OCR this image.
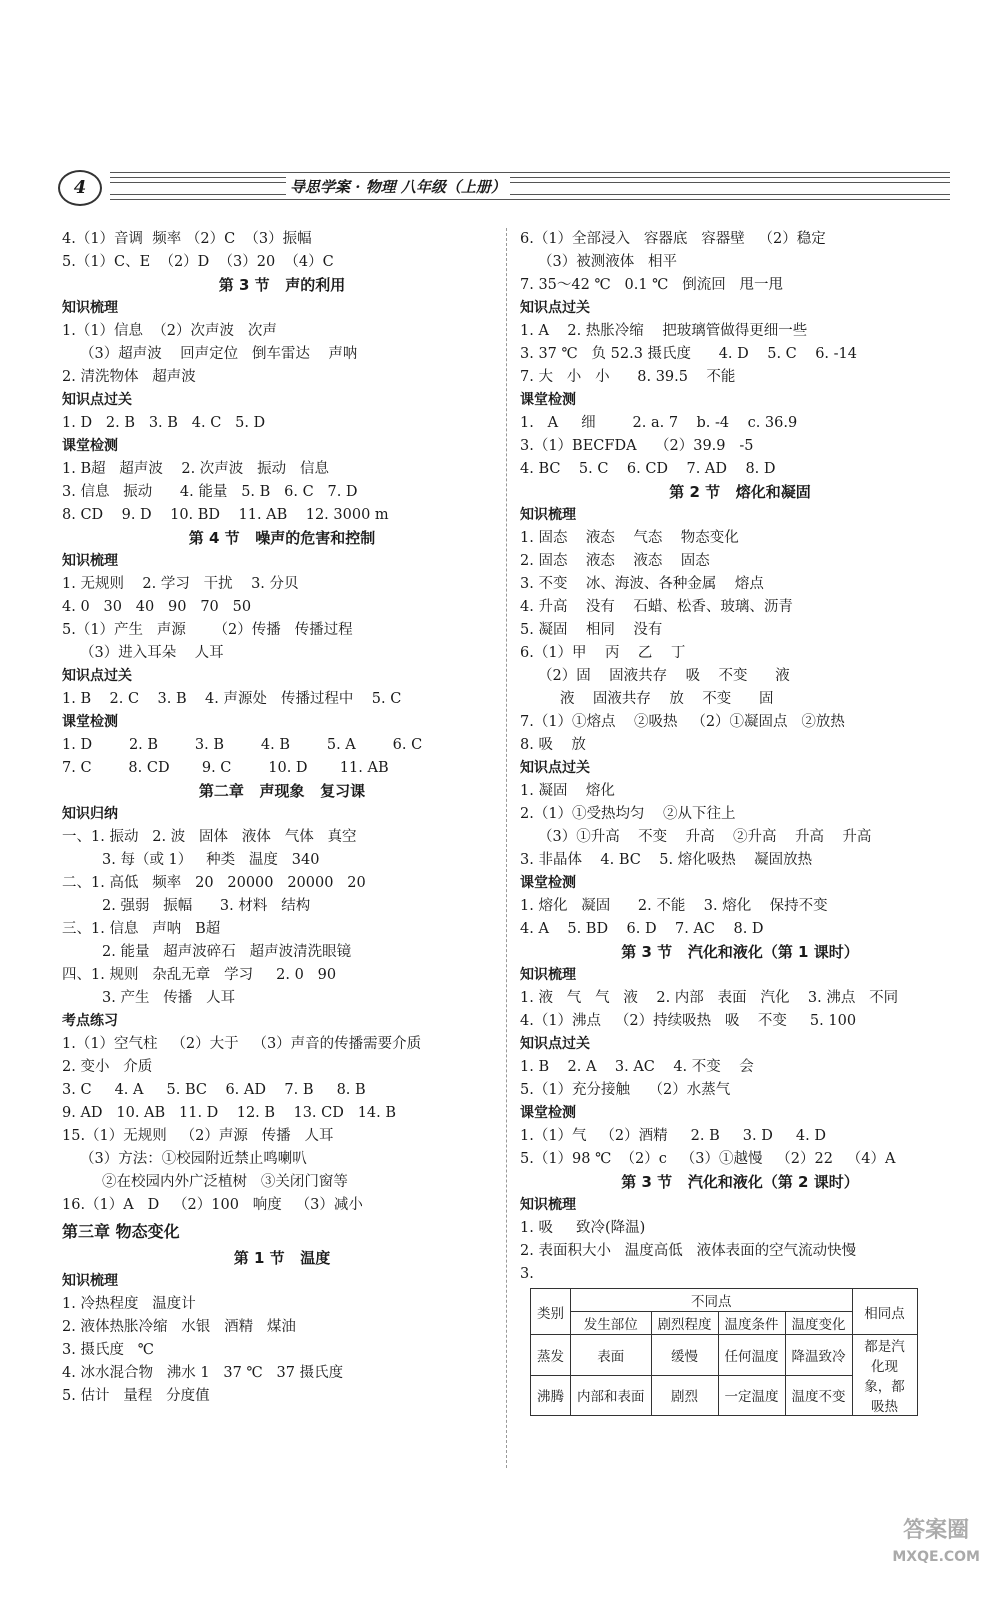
4	导思学案 · 物理 八年级（上册）
4.（1）音调  频率 （2）C  （3）振幅
5.（1）C、E  （2）D  （3）20  （4）C
第 3 节   声的利用
知识梳理
1.（1）信息  （2）次声波   次声
（3）超声波    回声定位   倒车雷达    声呐
2. 清洗物体   超声波
知识点过关
1. D   2. B   3. B   4. C   5. D
课堂检测
1. B超   超声波    2. 次声波   振动   信息
3. 信息   振动      4. 能量   5. B   6. C   7. D
8. CD    9. D    10. BD    11. AB    12. 3000 m
第 4 节   噪声的危害和控制
知识梳理
1. 无规则    2. 学习   干扰    3. 分贝
4. 0   30   40   90   70   50
5.（1）产生   声源      （2）传播   传播过程
（3）进入耳朵    人耳
知识点过关
1. B    2. C    3. B    4. 声源处   传播过程中    5. C
课堂检测
1. D        2. B        3. B        4. B        5. A        6. C
7. C        8. CD       9. C        10. D       11. AB
第二章   声现象   复习课
知识归纳
一、1. 振动   2. 波   固体   液体   气体   真空
3. 每（或 1）   种类   温度   340
二、1. 高低   频率   20   20000   20000   20
2. 强弱   振幅      3. 材料   结构
三、1. 信息   声呐   B超
2. 能量   超声波碎石   超声波清洗眼镜
四、1. 规则   杂乱无章   学习     2. 0   90
3. 产生   传播   人耳
考点练习
1.（1）空气柱   （2）大于   （3）声音的传播需要介质
2. 变小   介质
3. C     4. A     5. BC    6. AD    7. B     8. B
9. AD   10. AB   11. D    12. B    13. CD   14. B
15.（1）无规则   （2）声源   传播   人耳
（3）方法：①校园附近禁止鸣喇叭
②在校园内外广泛植树   ③关闭门窗等
16.（1）A   D   （2）100   响度   （3）减小
第三章 物态变化
第 1 节   温度
知识梳理
1. 冷热程度   温度计
2. 液体热胀冷缩   水银   酒精   煤油
3. 摄氏度   ℃
4. 冰水混合物   沸水 1   37 ℃   37 摄氏度
5. 估计   量程   分度值
6.（1）全部浸入   容器底   容器壁   （2）稳定
（3）被测液体   相平
7. 35～42 ℃   0.1 ℃   倒流回   甩一甩
知识点过关
1. A    2. 热胀冷缩    把玻璃管做得更细一些
3. 37 ℃   负 52.3 摄氏度      4. D    5. C    6. -14
7. 大   小   小      8. 39.5    不能
课堂检测
1.   A     细        2. a. 7    b. -4    c. 36.9
3.（1）BECFDA    （2）39.9   -5
4. BC    5. C    6. CD    7. AD    8. D
第 2 节   熔化和凝固
知识梳理
1. 固态    液态    气态    物态变化
2. 固态    液态    液态    固态
3. 不变    冰、海波、各种金属    熔点
4. 升高    没有    石蜡、松香、玻璃、沥青
5. 凝固    相同    没有
6.（1）甲    丙    乙    丁
（2）固    固液共存    吸    不变      液
液    固液共存    放    不变      固
7.（1）①熔点    ②吸热   （2）①凝固点   ②放热
8. 吸    放
知识点过关
1. 凝固    熔化
2.（1）①受热均匀    ②从下往上
（3）①升高    不变    升高    ②升高    升高    升高
3. 非晶体    4. BC    5. 熔化吸热    凝固放热
课堂检测
1. 熔化   凝固      2. 不能    3. 熔化    保持不变
4. A    5. BD    6. D    7. AC    8. D
第 3 节   汽化和液化（第 1 课时）
知识梳理
1. 液   气   气   液    2. 内部   表面   汽化    3. 沸点   不同
4.（1）沸点   （2）持续吸热   吸    不变     5. 100
知识点过关
1. B    2. A    3. AC    4. 不变    会
5.（1）充分接触    （2）水蒸气
课堂检测
1.（1）气   （2）酒精     2. B     3. D     4. D
5.（1）98 ℃  （2）c   （3）①越慢   （2）22   （4）A
第 3 节   汽化和液化（第 2 课时）
知识梳理
1. 吸     致冷(降温)
2. 表面积大小   温度高低   液体表面的空气流动快慢
3.
类别	不同点				相同点
	发生部位	剧烈程度	温度条件	温度变化	
蒸发	表面	缓慢	任何温度	降温致冷	都是汽化现象，都吸热
沸腾	内部和表面	剧烈	一定温度	温度不变	
答案圈
MXQE.COM
